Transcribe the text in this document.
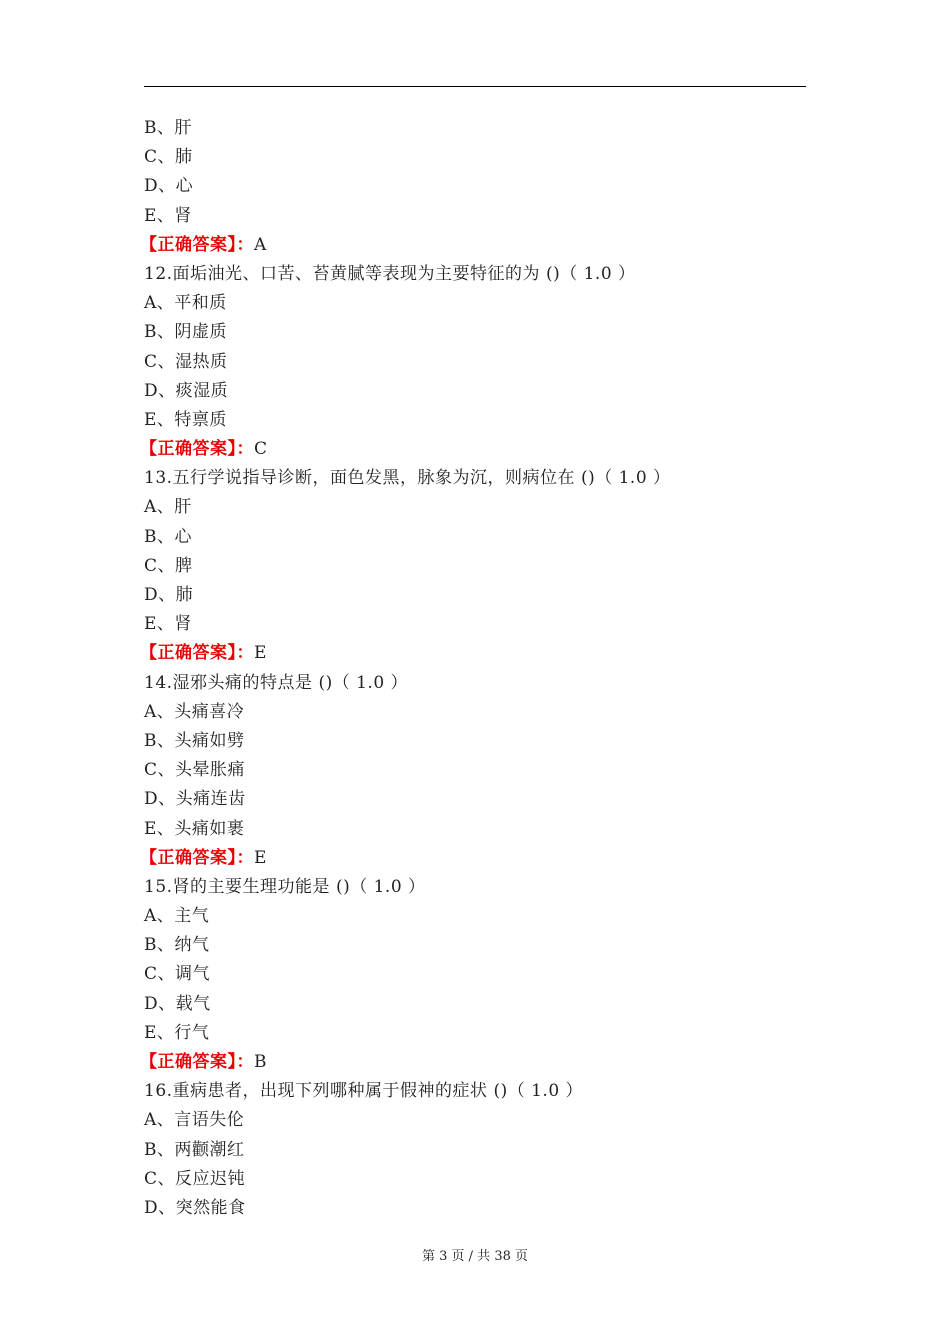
B、肝
C、肺
D、心
E、肾
【正确答案】：A
12.面垢油光、口苦、苔黄腻等表现为主要特征的为 ()（ 1.0 ）
A、平和质
B、阴虚质
C、湿热质
D、痰湿质
E、特禀质
【正确答案】：C
13.五行学说指导诊断，面色发黑，脉象为沉，则病位在 ()（ 1.0 ）
A、肝
B、心
C、脾
D、肺
E、肾
【正确答案】：E
14.湿邪头痛的特点是 ()（ 1.0 ）
A、头痛喜冷
B、头痛如劈
C、头晕胀痛
D、头痛连齿
E、头痛如裹
【正确答案】：E
15.肾的主要生理功能是 ()（ 1.0 ）
A、主气
B、纳气
C、调气
D、载气
E、行气
【正确答案】：B
16.重病患者，出现下列哪种属于假神的症状 ()（ 1.0 ）
A、言语失伦
B、两颧潮红
C、反应迟钝
D、突然能食
第 3 页 / 共 38 页
